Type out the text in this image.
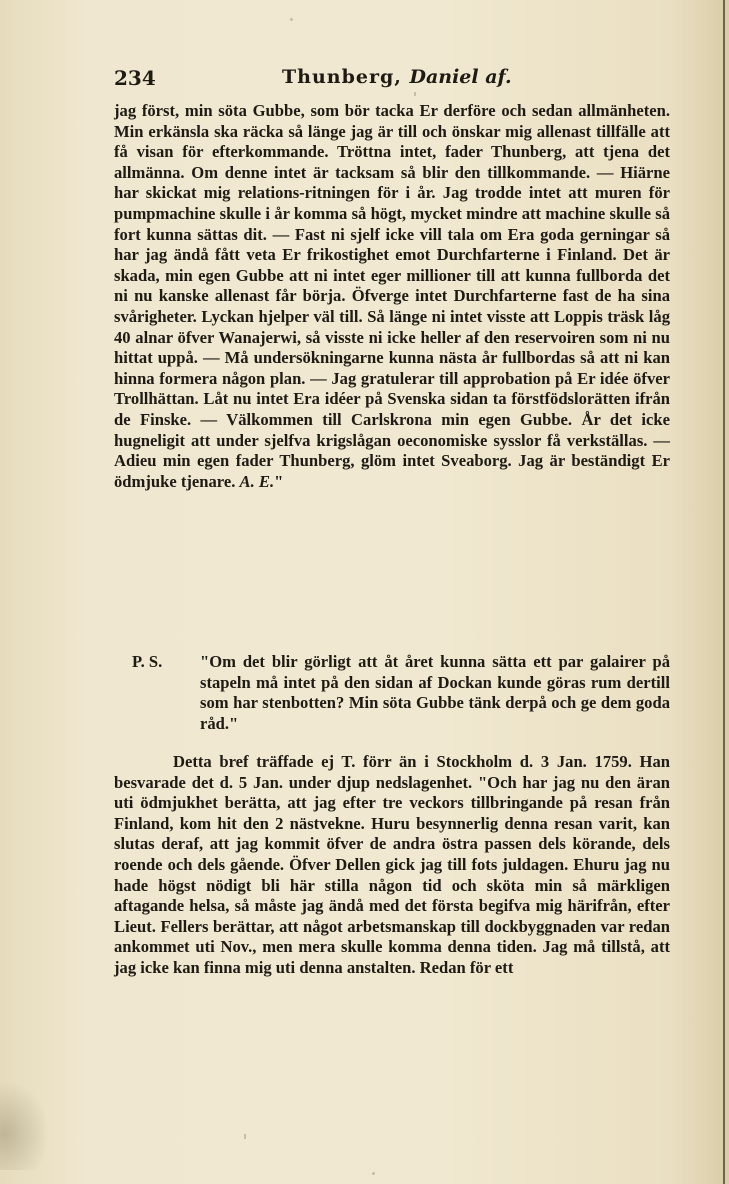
234	Thunberg, Daniel af.

jag först, min söta Gubbe, som bör tacka Er derföre och sedan allmänheten. Min erkänsla ska räcka så länge jag är till och önskar mig allenast tillfälle att få visan för efterkommande. Tröttna intet, fader Thunberg, att tjena det allmänna. Om denne intet är tacksam så blir den tillkommande. — Hiärne har skickat mig relations-ritningen för i år. Jag trodde intet att muren för pumpmachine skulle i år komma så högt, mycket mindre att machine skulle så fort kunna sättas dit. — Fast ni sjelf icke vill tala om Era goda gerningar så har jag ändå fått veta Er frikostighet emot Durchfarterne i Finland. Det är skada, min egen Gubbe att ni intet eger millioner till att kunna fullborda det ni nu kanske allenast får börja. Öfverge intet Durchfarterne fast de ha sina svårigheter. Lyckan hjelper väl till. Så länge ni intet visste att Loppis träsk låg 40 alnar öfver Wanajerwi, så visste ni icke heller af den reservoiren som ni nu hittat uppå. — Må undersökningarne kunna nästa år fullbordas så att ni kan hinna formera någon plan. — Jag gratulerar till approbation på Er idée öfver Trollhättan. Låt nu intet Era idéer på Svenska sidan ta förstfödslorätten ifrån de Finske. — Välkommen till Carlskrona min egen Gubbe. År det icke hugneligit att under sjelfva krigslågan oeconomiske sysslor få verkställas. — Adieu min egen fader Thunberg, glöm intet Sveaborg. Jag är beständigt Er ödmjuke tjenare. A. E."

P. S. "Om det blir görligt att åt året kunna sätta ett par galairer på stapeln må intet på den sidan af Dockan kunde göras rum dertill som har stenbotten? Min söta Gubbe tänk derpå och ge dem goda råd."

Detta bref träffade ej T. förr än i Stockholm d. 3 Jan. 1759. Han besvarade det d. 5 Jan. under djup nedslagenhet. "Och har jag nu den äran uti ödmjukhet berätta, att jag efter tre veckors tillbringande på resan från Finland, kom hit den 2 nästvekne. Huru besynnerlig denna resan varit, kan slutas deraf, att jag kommit öfver de andra östra passen dels körande, dels roende och dels gående. Öfver Dellen gick jag till fots juldagen. Ehuru jag nu hade högst nödigt bli här stilla någon tid och sköta min så märkligen aftagande helsa, så måste jag ändå med det första begifva mig härifrån, efter Lieut. Fellers berättar, att något arbetsmanskap till dockbyggnaden var redan ankommet uti Nov., men mera skulle komma denna tiden. Jag må tillstå, att jag icke kan finna mig uti denna anstalten. Redan för ett
